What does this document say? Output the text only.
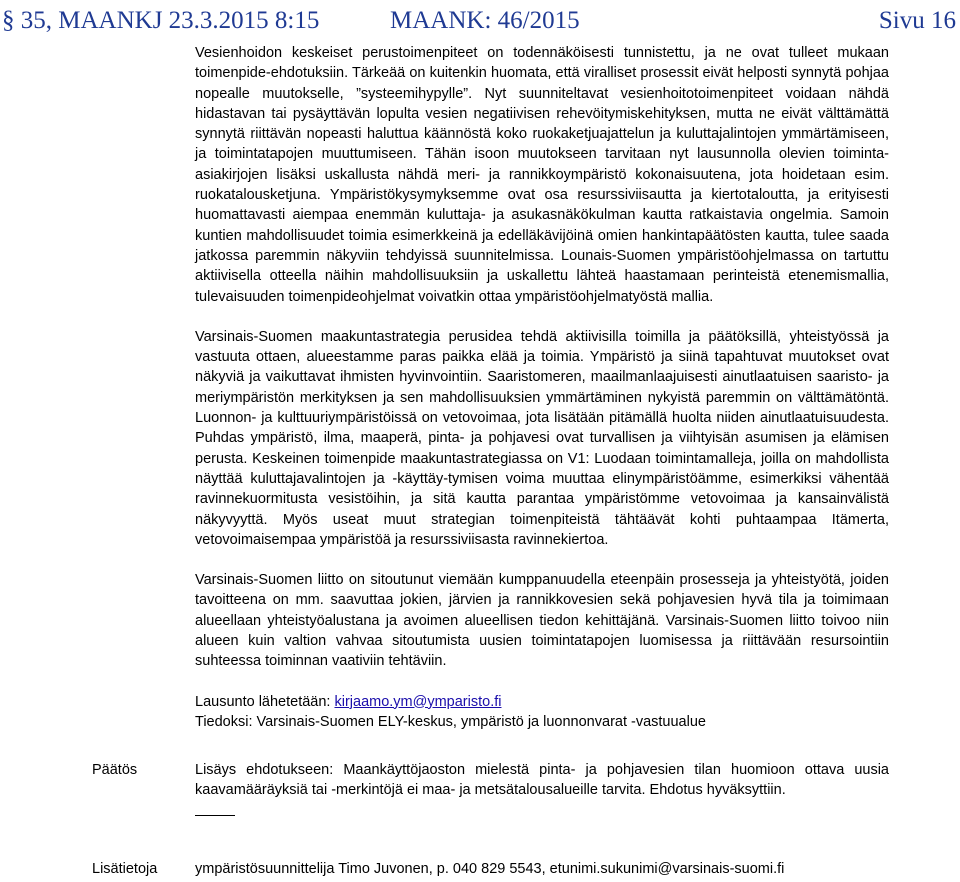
§ 35, MAANKJ 23.3.2015 8:15	MAANK: 46/2015	Sivu 16

Vesienhoidon keskeiset perustoimenpiteet on todennäköisesti tunnistettu, ja ne ovat tulleet mukaan toimenpide-ehdotuksiin. Tärkeää on kuitenkin huomata, että viralliset prosessit eivät helposti synnytä pohjaa nopealle muutokselle, ”systeemihypylle”. Nyt suunniteltavat vesienhoitotoimenpiteet voidaan nähdä hidastavan tai pysäyttävän lopulta vesien negatiivisen rehevöitymiskehityksen, mutta ne eivät välttämättä synnytä riittävän nopeasti haluttua käännöstä koko ruokaketjuajattelun ja kuluttajalintojen ymmärtämiseen, ja toimintatapojen muuttumiseen. Tähän isoon muutokseen tarvitaan nyt lausunnolla olevien toiminta-asiakirjojen lisäksi uskallusta nähdä meri- ja rannikkoympäristö kokonaisuutena, jota hoidetaan esim. ruokatalousketjuna. Ympäristökysymyksemme ovat osa resurssiviisautta ja kiertotaloutta, ja erityisesti huomattavasti aiempaa enemmän kuluttaja- ja asukasnäkökulman kautta ratkaistavia ongelmia. Samoin kuntien mahdollisuudet toimia esimerkkeinä ja edelläkävijöinä omien hankintapäätösten kautta, tulee saada jatkossa paremmin näkyviin tehdyissä suunnitelmissa. Lounais-Suomen ympäristöohjelmassa on tartuttu aktiivisella otteella näihin mahdollisuuksiin ja uskallettu lähteä haastamaan perinteistä etenemismallia, tulevaisuuden toimenpideohjelmat voivatkin ottaa ympäristöohjelmatyöstä mallia.

Varsinais-Suomen maakuntastrategia perusidea tehdä aktiivisilla toimilla ja päätöksillä, yhteistyössä ja vastuuta ottaen, alueestamme paras paikka elää ja toimia. Ympäristö ja siinä tapahtuvat muutokset ovat näkyviä ja vaikuttavat ihmisten hyvinvointiin. Saaristomeren, maailmanlaajuisesti ainutlaatuisen saaristo- ja meriympäristön merkityksen ja sen mahdollisuuksien ymmärtäminen nykyistä paremmin on välttämätöntä. Luonnon- ja kulttuuriympäristöissä on vetovoimaa, jota lisätään pitämällä huolta niiden ainutlaatuisuudesta. Puhdas ympäristö, ilma, maaperä, pinta- ja pohjavesi ovat turvallisen ja viihtyisän asumisen ja elämisen perusta. Keskeinen toimenpide maakuntastrategiassa on V1: Luodaan toimintamalleja, joilla on mahdollista näyttää kuluttajavalintojen ja -käyttäy-tymisen voima muuttaa elinympäristöämme, esimerkiksi vähentää ravinnekuormitusta vesistöihin, ja sitä kautta parantaa ympäristömme vetovoimaa ja kansainvälistä näkyvyyttä. Myös useat muut strategian toimenpiteistä tähtäävät kohti puhtaampaa Itämerta, vetovoimaisempaa ympäristöä ja resurssiviisasta ravinnekiertoa.

Varsinais-Suomen liitto on sitoutunut viemään kumppanuudella eteenpäin prosesseja ja yhteistyötä, joiden tavoitteena on mm. saavuttaa jokien, järvien ja rannikkovesien sekä pohjavesien hyvä tila ja toimimaan alueellaan yhteistyöalustana ja avoimen alueellisen tiedon kehittäjänä. Varsinais-Suomen liitto toivoo niin alueen kuin valtion vahvaa sitoutumista uusien toimintatapojen luomisessa ja riittävään resursointiin suhteessa toiminnan vaativiin tehtäviin.

Lausunto lähetetään: kirjaamo.ym@ymparisto.fi

Tiedoksi: Varsinais-Suomen ELY-keskus, ympäristö ja luonnonvarat -vastuualue

Päätös	Lisäys ehdotukseen: Maankäyttöjaoston mielestä pinta- ja pohjavesien tilan huomioon ottava uusia kaavamääräyksiä tai -merkintöjä ei maa- ja metsätalousalueille tarvita. Ehdotus hyväksyttiin.
Lisätietoja	ympäristösuunnittelija Timo Juvonen, p. 040 829 5543, etunimi.sukunimi@varsinais-suomi.fi
